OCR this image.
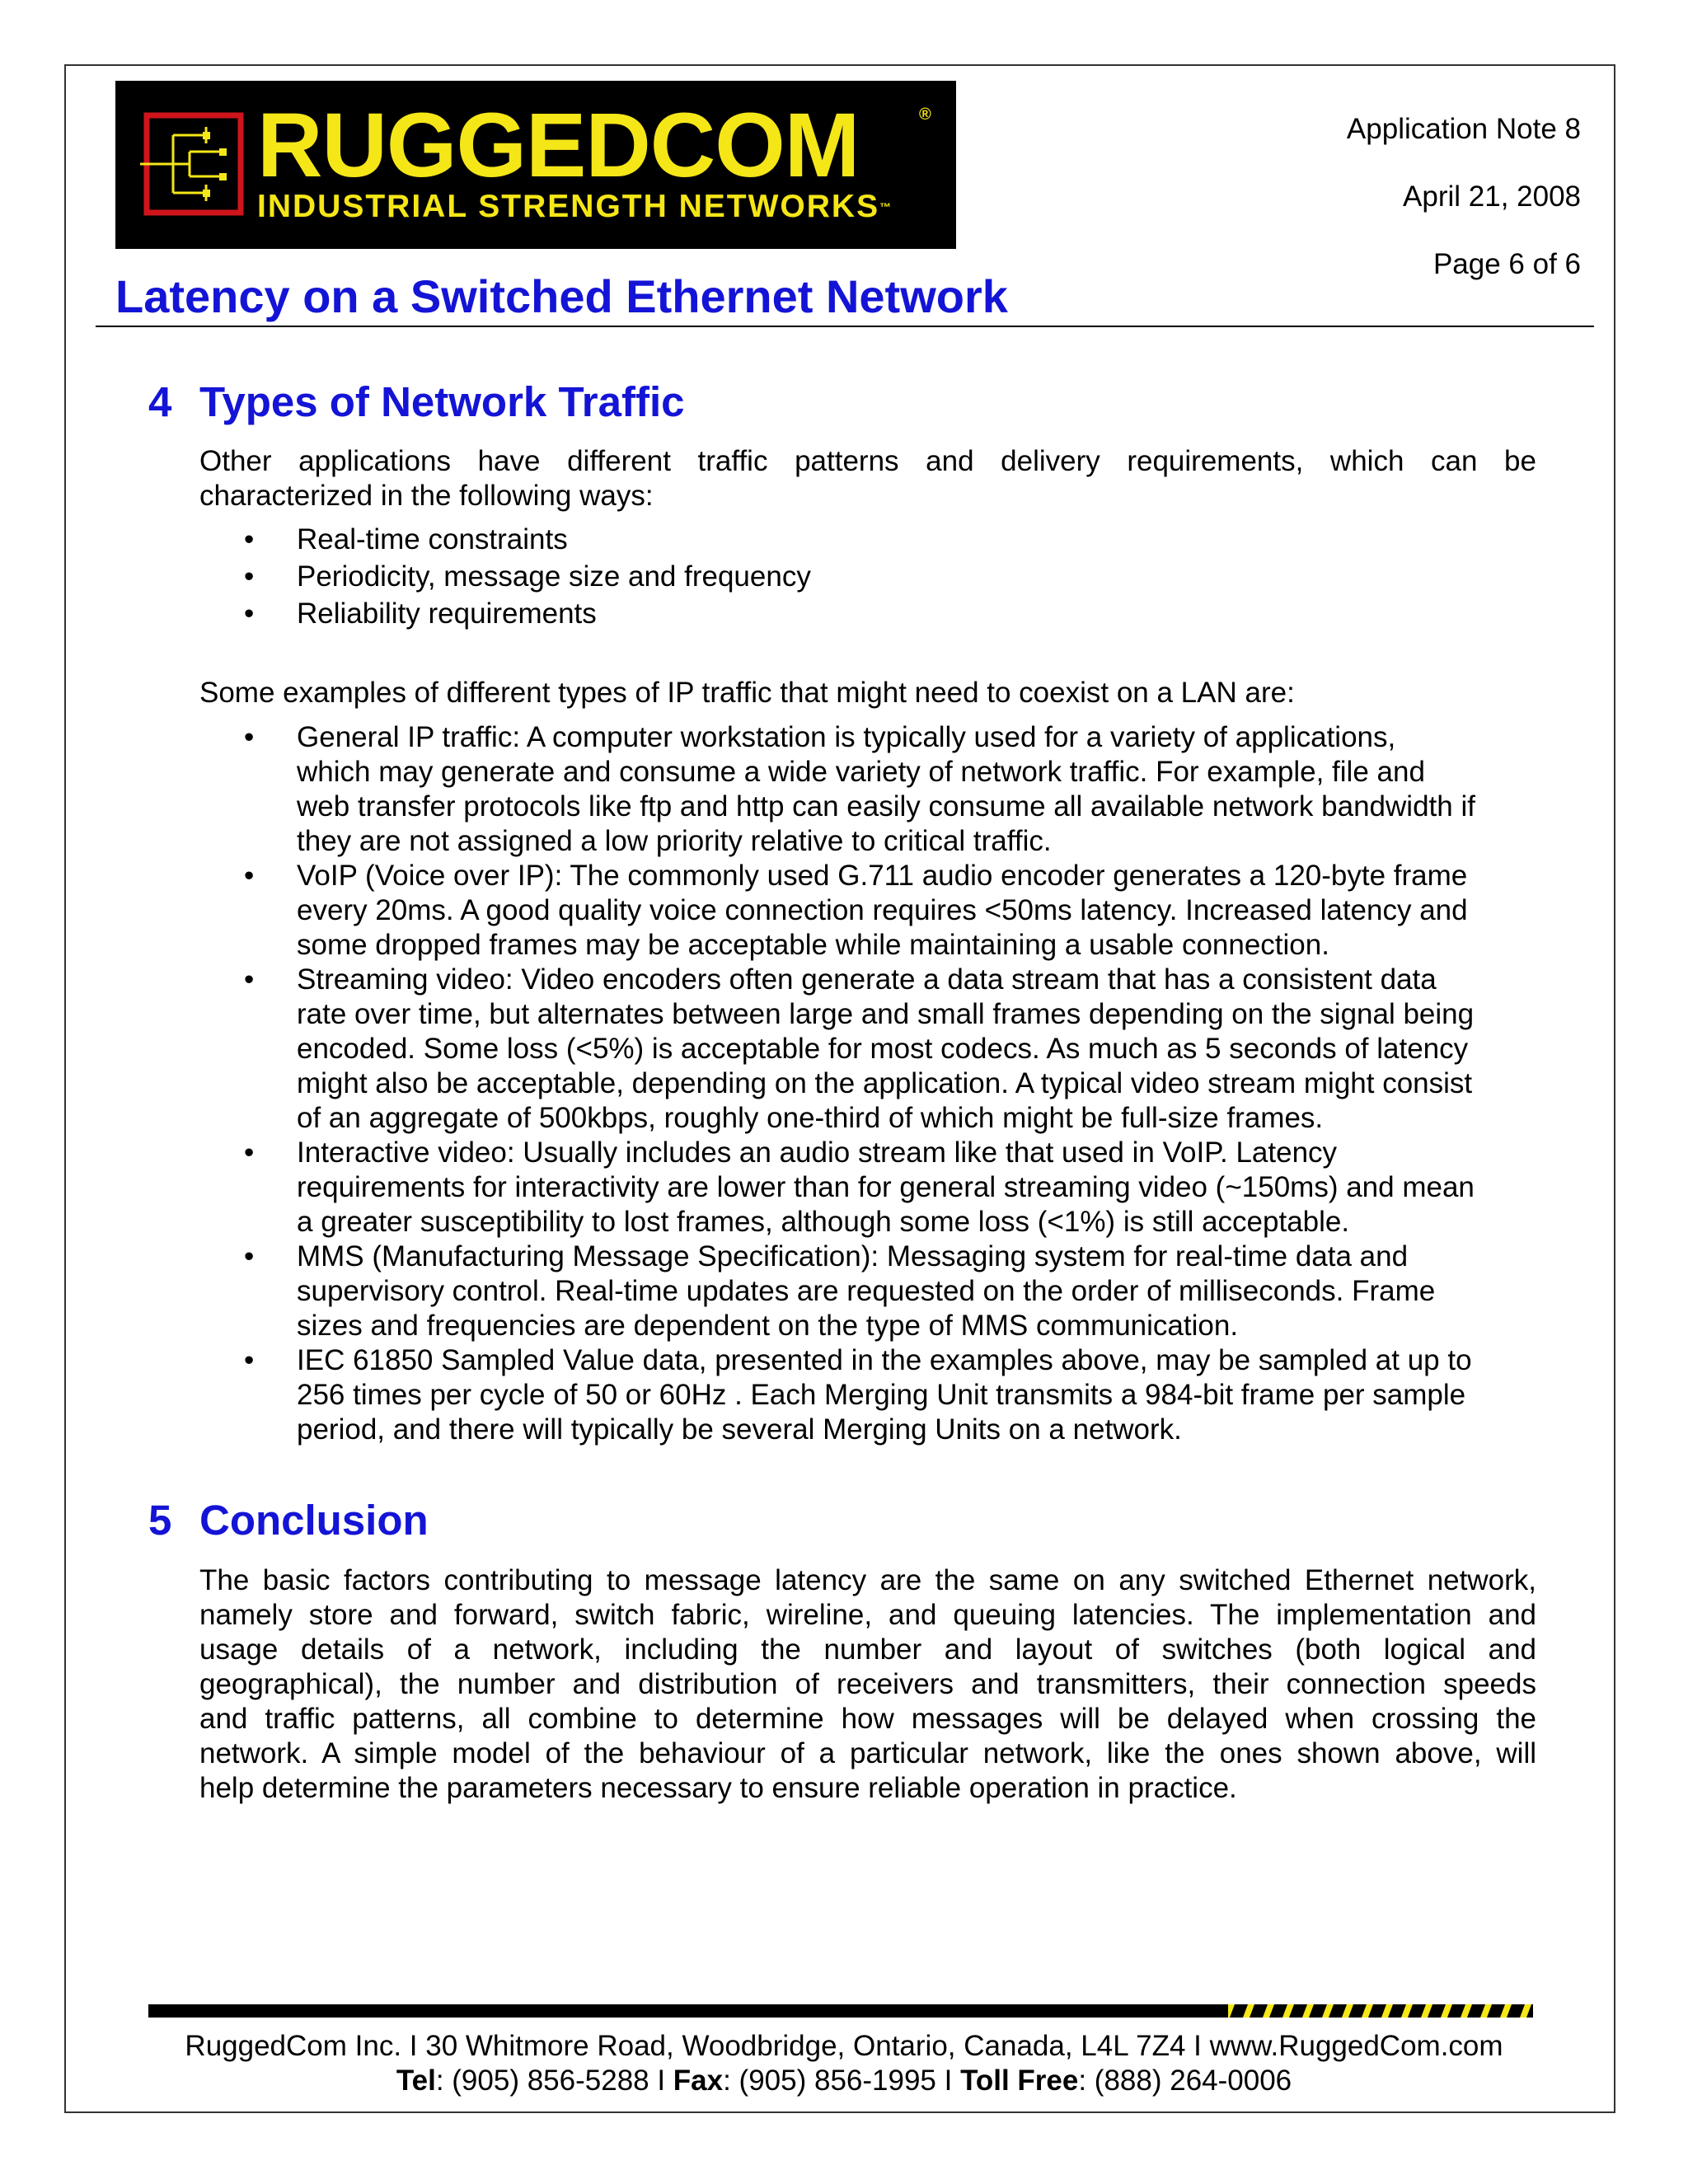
RUGGEDCOM	®
INDUSTRIAL STRENGTH NETWORKS™
Application Note 8
April 21, 2008
Page 6 of 6
Latency on a Switched Ethernet Network
4 Types of Network Traffic
Other applications have different traffic patterns and delivery requirements, which can be
characterized in the following ways:
• Real-time constraints
• Periodicity, message size and frequency
• Reliability requirements
Some examples of different types of IP traffic that might need to coexist on a LAN are:
• General IP traffic: A computer workstation is typically used for a variety of applications,
which may generate and consume a wide variety of network traffic. For example, file and
web transfer protocols like ftp and http can easily consume all available network bandwidth if
they are not assigned a low priority relative to critical traffic.
• VoIP (Voice over IP): The commonly used G.711 audio encoder generates a 120-byte frame
every 20ms. A good quality voice connection requires <50ms latency. Increased latency and
some dropped frames may be acceptable while maintaining a usable connection.
• Streaming video: Video encoders often generate a data stream that has a consistent data
rate over time, but alternates between large and small frames depending on the signal being
encoded. Some loss (<5%) is acceptable for most codecs. As much as 5 seconds of latency
might also be acceptable, depending on the application. A typical video stream might consist
of an aggregate of 500kbps, roughly one-third of which might be full-size frames.
• Interactive video: Usually includes an audio stream like that used in VoIP. Latency
requirements for interactivity are lower than for general streaming video (~150ms) and mean
a greater susceptibility to lost frames, although some loss (<1%) is still acceptable.
• MMS (Manufacturing Message Specification): Messaging system for real-time data and
supervisory control. Real-time updates are requested on the order of milliseconds. Frame
sizes and frequencies are dependent on the type of MMS communication.
• IEC 61850 Sampled Value data, presented in the examples above, may be sampled at up to
256 times per cycle of 50 or 60Hz . Each Merging Unit transmits a 984-bit frame per sample
period, and there will typically be several Merging Units on a network.
5 Conclusion
The basic factors contributing to message latency are the same on any switched Ethernet network,
namely store and forward, switch fabric, wireline, and queuing latencies. The implementation and
usage details of a network, including the number and layout of switches (both logical and
geographical), the number and distribution of receivers and transmitters, their connection speeds
and traffic patterns, all combine to determine how messages will be delayed when crossing the
network. A simple model of the behaviour of a particular network, like the ones shown above, will
help determine the parameters necessary to ensure reliable operation in practice.
RuggedCom Inc. I 30 Whitmore Road, Woodbridge, Ontario, Canada, L4L 7Z4 I www.RuggedCom.com
Tel: (905) 856-5288 I Fax: (905) 856-1995 I Toll Free: (888) 264-0006
